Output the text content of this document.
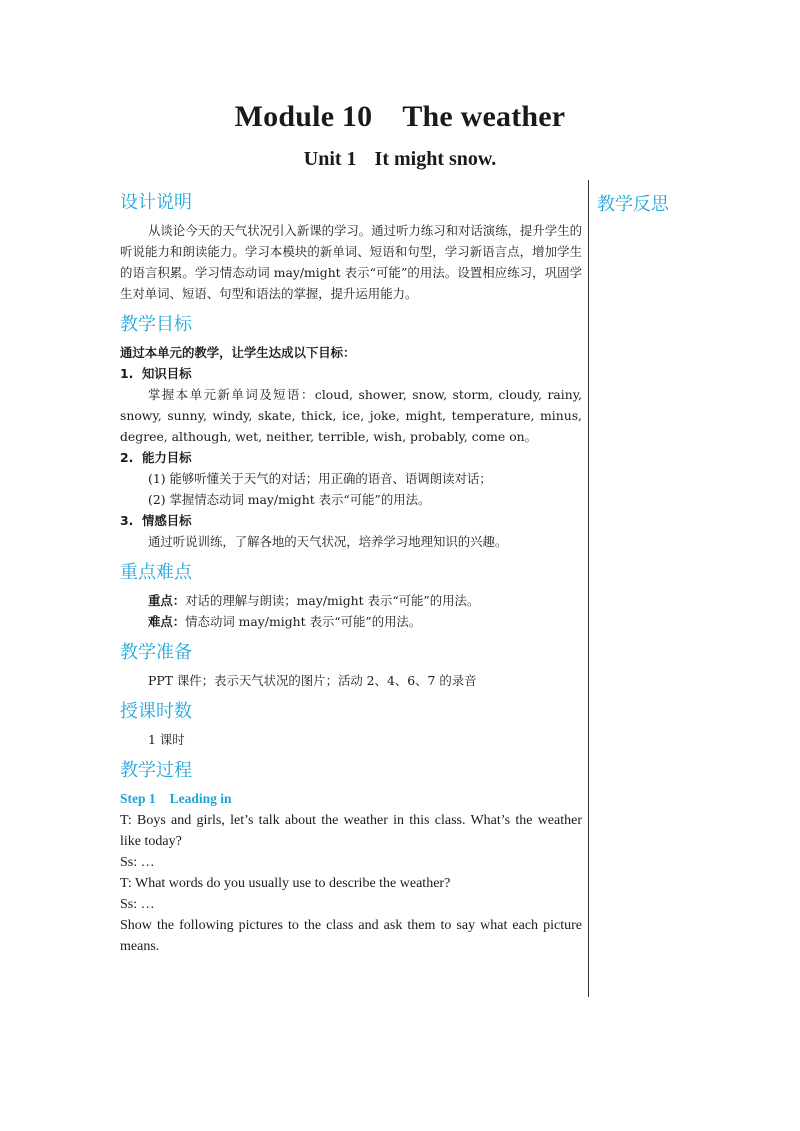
Module 10 The weather
Unit 1 It might snow.
教学反思
设计说明

从谈论今天的天气状况引入新课的学习。通过听力练习和对话演练，提升学生的听说能力和朗读能力。学习本模块的新单词、短语和句型，学习新语言点，增加学生的语言积累。学习情态动词 may/might 表示“可能”的用法。设置相应练习，巩固学生对单词、短语、句型和语法的掌握，提升运用能力。

教学目标

通过本单元的教学，让学生达成以下目标：

1. 知识目标

掌握本单元新单词及短语：cloud, shower, snow, storm, cloudy, rainy, snowy, sunny, windy, skate, thick, ice, joke, might, temperature, minus, degree, although, wet, neither, terrible, wish, probably, come on。

2. 能力目标

(1) 能够听懂关于天气的对话；用正确的语音、语调朗读对话；

(2) 掌握情态动词 may/might 表示“可能”的用法。

3. 情感目标

通过听说训练，了解各地的天气状况，培养学习地理知识的兴趣。

重点难点

重点：对话的理解与朗读；may/might 表示“可能”的用法。

难点：情态动词 may/might 表示“可能”的用法。

教学准备

PPT 课件；表示天气状况的图片；活动 2、4、6、7 的录音

授课时数

1 课时

教学过程

Step 1 Leading in

T: Boys and girls, let’s talk about the weather in this class. What’s the weather like today?

Ss: …

T: What words do you usually use to describe the weather?

Ss: …

Show the following pictures to the class and ask them to say what each picture means.
